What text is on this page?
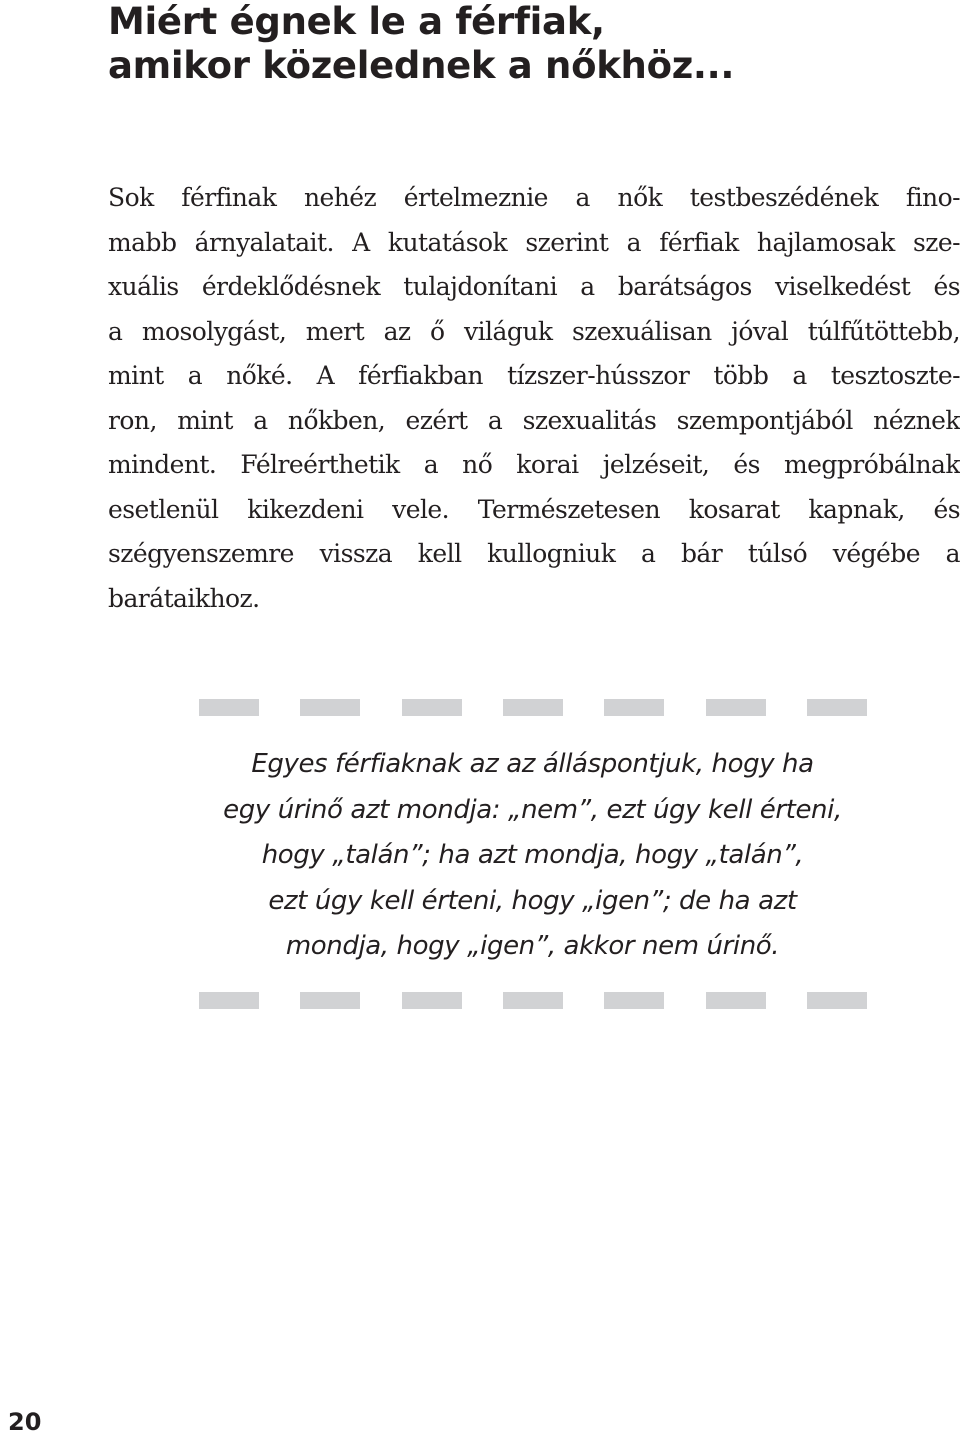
Miért égnek le a férfiak,
amikor közelednek a nőkhöz...
Sok férfinak nehéz értelmeznie a nők testbeszédének fino-
mabb árnyalatait. A kutatások szerint a férfiak hajlamosak sze-
xuális érdeklődésnek tulajdonítani a barátságos viselkedést és
a mosolygást, mert az ő világuk szexuálisan jóval túlfűtöttebb,
mint a nőké. A férfiakban tízszer-hússzor több a tesztoszte-
ron, mint a nőkben, ezért a szexualitás szempontjából néznek
mindent. Félreérthetik a nő korai jelzéseit, és megpróbálnak
esetlenül kikezdeni vele. Természetesen kosarat kapnak, és
szégyenszemre vissza kell kullogniuk a bár túlsó végébe a
barátaikhoz.
Egyes férfiaknak az az álláspontjuk, hogy ha
egy úrinő azt mondja: „nem”, ezt úgy kell érteni,
hogy „talán”; ha azt mondja, hogy „talán”,
ezt úgy kell érteni, hogy „igen”; de ha azt
mondja, hogy „igen”, akkor nem úrinő.
20
